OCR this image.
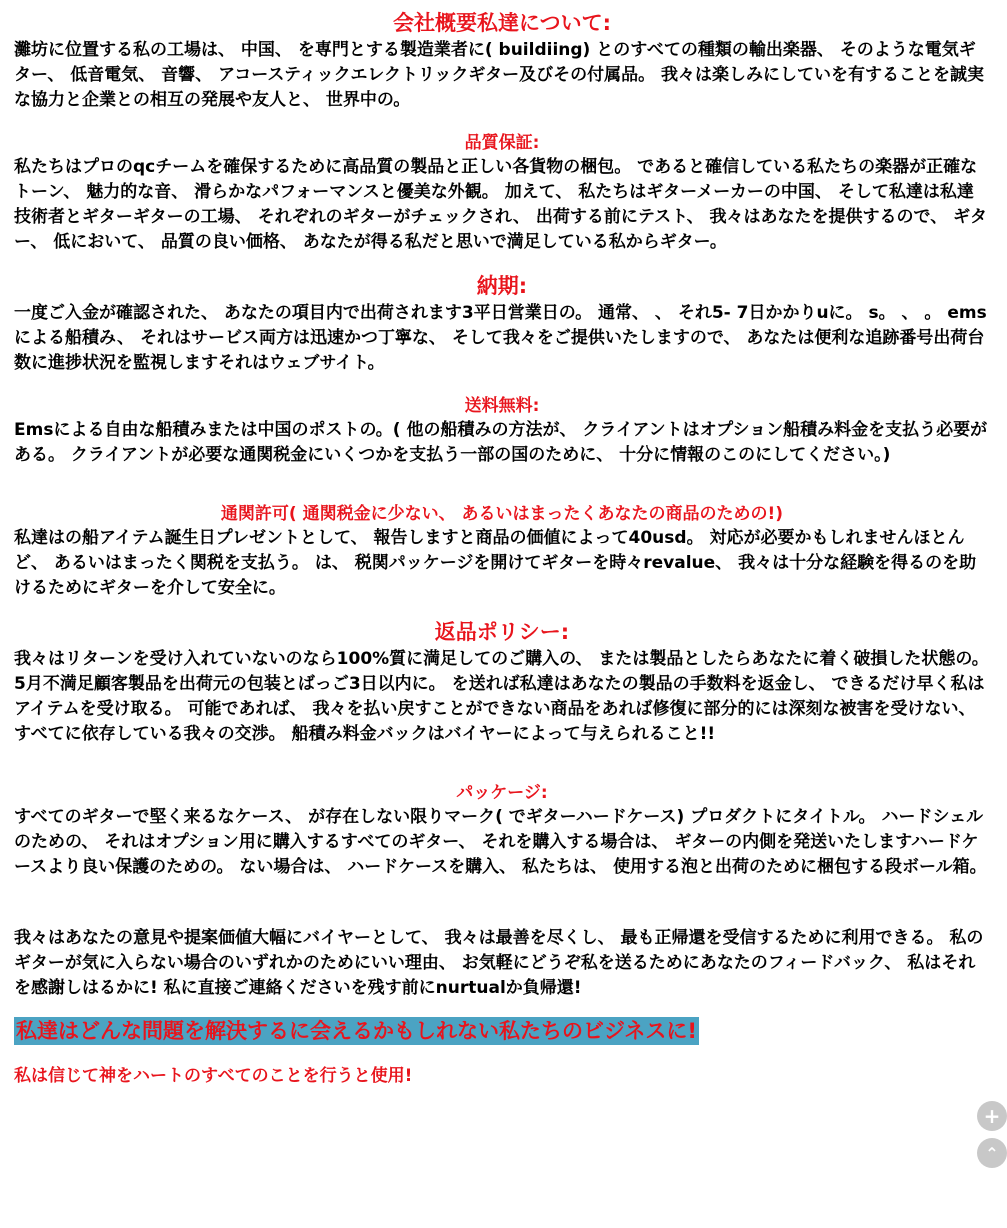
会社概要私達について:

灘坊に位置する私の工場は、 中国、 を専門とする製造業者に( buildiing) とのすべての種類の輸出楽器、 そのような電気ギター、 低音電気、 音響、 アコースティックエレクトリックギター及びその付属品。 我々は楽しみにしていを有することを誠実な協力と企業との相互の発展や友人と、 世界中の。

品質保証:

私たちはプロのqcチームを確保するために高品質の製品と正しい各貨物の梱包。 であると確信している私たちの楽器が正確なトーン、 魅力的な音、 滑らかなパフォーマンスと優美な外観。 加えて、 私たちはギターメーカーの中国、 そして私達は私達技術者とギターギターの工場、 それぞれのギターがチェックされ、 出荷する前にテスト、 我々はあなたを提供するので、 ギター、 低において、 品質の良い価格、 あなたが得る私だと思いで満足している私からギター。

納期:

一度ご入金が確認された、 あなたの項目内で出荷されます3平日営業日の。 通常、 、 それ5- 7日かかりuに。 s。 、 。 emsによる船積み、 それはサービス両方は迅速かつ丁寧な、 そして我々をご提供いたしますので、 あなたは便利な追跡番号出荷台数に進捗状況を監視しますそれはウェブサイト。

送料無料:

Emsによる自由な船積みまたは中国のポストの。( 他の船積みの方法が、 クライアントはオプション船積み料金を支払う必要がある。 クライアントが必要な通関税金にいくつかを支払う一部の国のために、 十分に情報のこのにしてください。)

通関許可( 通関税金に少ない、 あるいはまったくあなたの商品のための!)

私達はの船アイテム誕生日プレゼントとして、 報告しますと商品の価値によって40usd。 対応が必要かもしれませんほとんど、 あるいはまったく関税を支払う。 は、 税関パッケージを開けてギターを時々revalue、 我々は十分な経験を得るのを助けるためにギターを介して安全に。

返品ポリシー:

我々はリターンを受け入れていないのなら100%質に満足してのご購入の、 または製品としたらあなたに着く破損した状態の。 5月不満足顧客製品を出荷元の包装とばっご3日以内に。 を送れば私達はあなたの製品の手数料を返金し、 できるだけ早く私はアイテムを受け取る。 可能であれば、 我々を払い戻すことができない商品をあれば修復に部分的には深刻な被害を受けない、 すべてに依存している我々の交渉。 船積み料金バックはバイヤーによって与えられること!!

パッケージ:

すべてのギターで堅く来るなケース、 が存在しない限りマーク( でギターハードケース) プロダクトにタイトル。 ハードシェルのための、 それはオプション用に購入するすべてのギター、 それを購入する場合は、 ギターの内側を発送いたしますハードケースより良い保護のための。 ない場合は、 ハードケースを購入、 私たちは、 使用する泡と出荷のために梱包する段ボール箱。

我々はあなたの意見や提案価値大幅にバイヤーとして、 我々は最善を尽くし、 最も正帰還を受信するために利用できる。 私のギターが気に入らない場合のいずれかのためにいい理由、 お気軽にどうぞ私を送るためにあなたのフィードバック、 私はそれを感謝しはるかに! 私に直接ご連絡くださいを残す前にnurtualか負帰還!

私達はどんな問題を解決するに会えるかもしれない私たちのビジネスに!

私は信じて神をハートのすべてのことを行うと使用!

+
⌃
